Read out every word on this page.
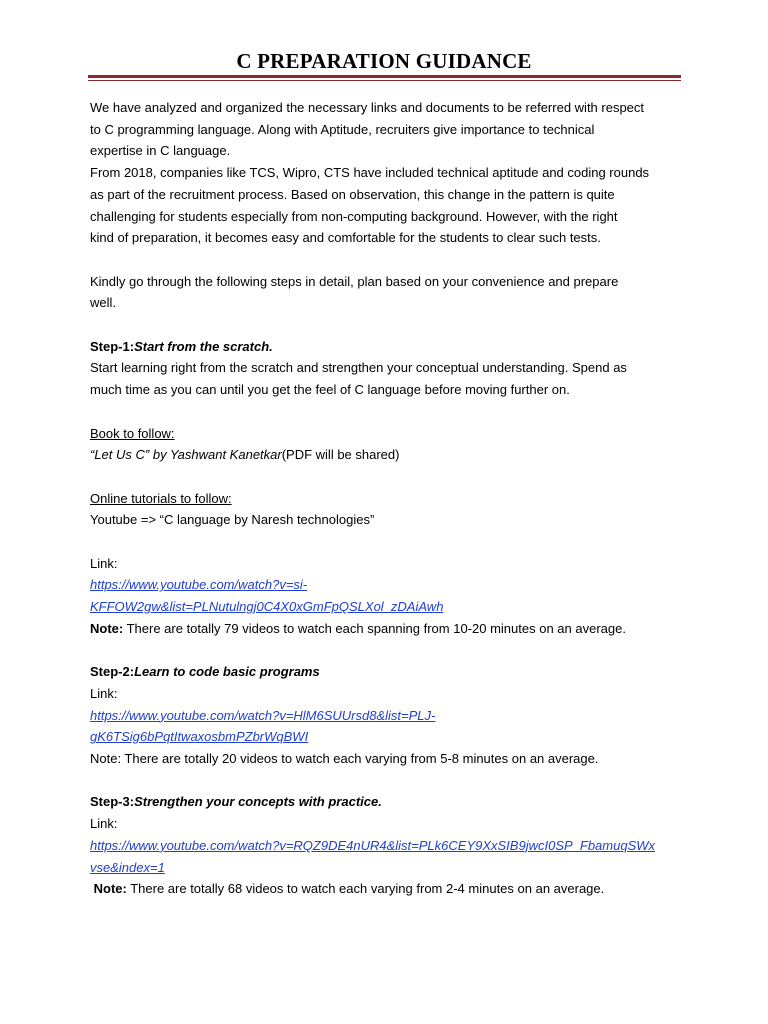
C PREPARATION GUIDANCE

We have analyzed and organized the necessary links and documents to be referred with respect

to C programming language. Along with Aptitude, recruiters give importance to technical

expertise in C language.

From 2018, companies like TCS, Wipro, CTS have included technical aptitude and coding rounds

as part of the recruitment process. Based on observation, this change in the pattern is quite

challenging for students especially from non-computing background. However, with the right

kind of preparation, it becomes easy and comfortable for the students to clear such tests.

Kindly go through the following steps in detail, plan based on your convenience and prepare

well.

Step-1:Start from the scratch.

Start learning right from the scratch and strengthen your conceptual understanding. Spend as

much time as you can until you get the feel of C language before moving further on.

Book to follow:

“Let Us C” by Yashwant Kanetkar(PDF will be shared)

Online tutorials to follow:

Youtube => “C language by Naresh technologies”

Link:

https://www.youtube.com/watch?v=si-

KFFOW2gw&list=PLNutulngj0C4X0xGmFpQSLXol_zDAiAwh

Note: There are totally 79 videos to watch each spanning from 10-20 minutes on an average.

Step-2:Learn to code basic programs

Link:

https://www.youtube.com/watch?v=HlM6SUUrsd8&list=PLJ-

gK6TSig6bPqtItwaxosbmPZbrWqBWI

Note: There are totally 20 videos to watch each varying from 5-8 minutes on an average.

Step-3:Strengthen your concepts with practice.

Link:

https://www.youtube.com/watch?v=RQZ9DE4nUR4&list=PLk6CEY9XxSIB9jwcI0SP_FbamuqSWx

vse&index=1

Note: There are totally 68 videos to watch each varying from 2-4 minutes on an average.
